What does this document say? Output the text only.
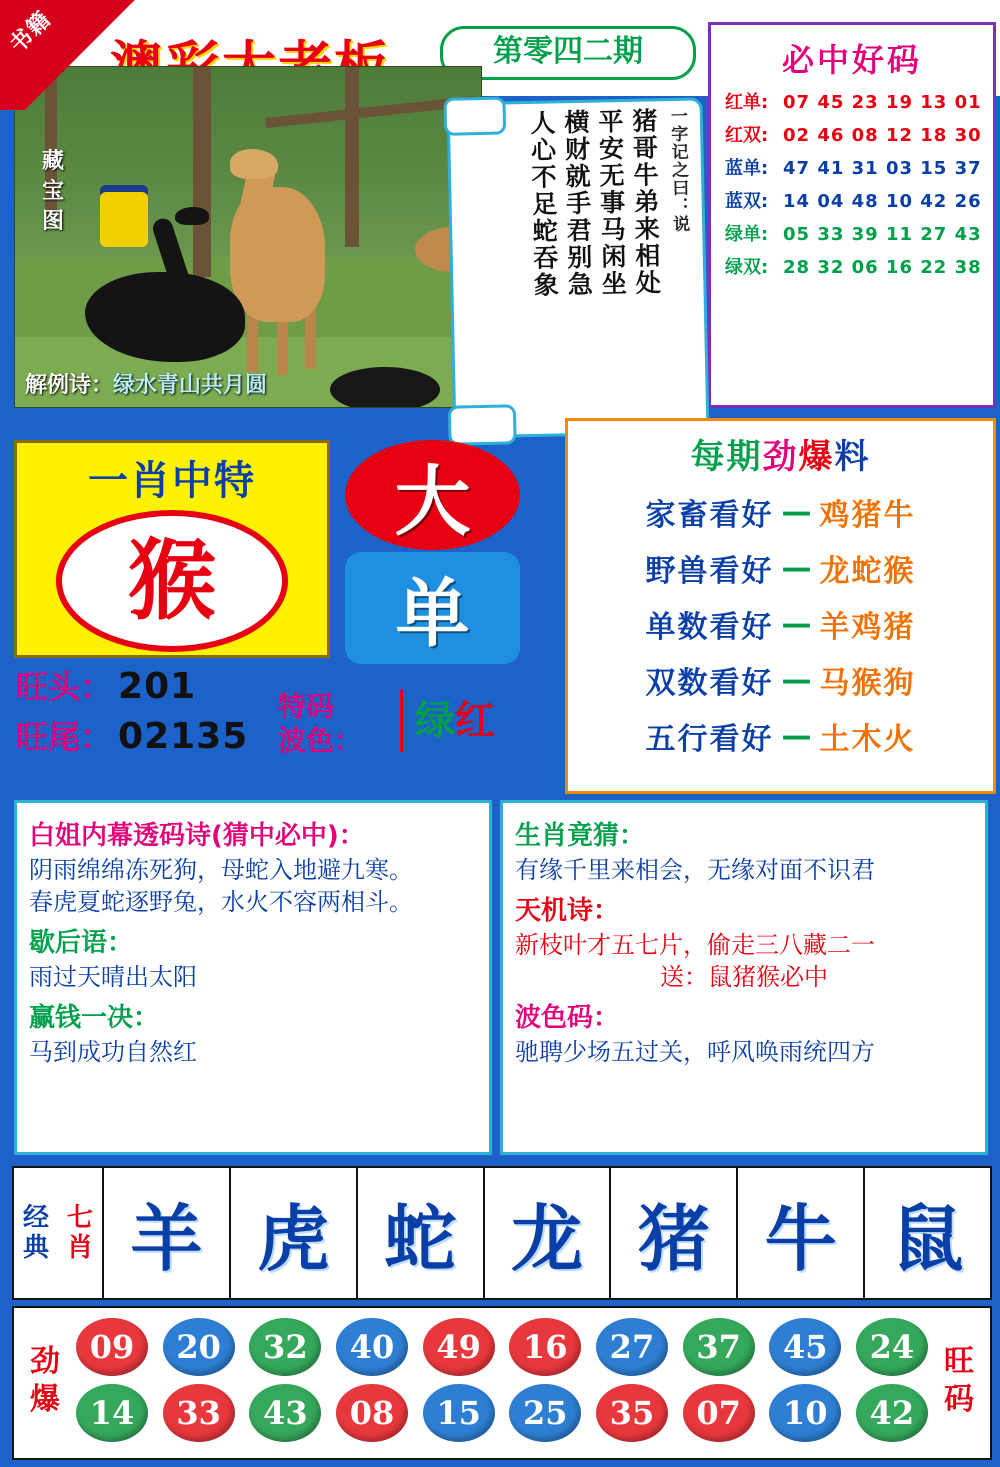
第零四二期
书籍
必中好码
红单: 07 45 23 19 13 01
红双: 02 46 08 12 18 30
蓝单: 47 41 31 03 15 37
蓝双: 14 04 48 10 42 26
绿单: 05 33 39 11 27 43
绿双: 28 32 06 16 22 38
藏宝图
解例诗：绿水青山共月圆
一字记之曰：说
猪哥牛弟来相处
平安无事马闲坐
横财就手君别急
人心不足蛇吞象
一肖中特
猴
大
单
每期劲爆料
家畜看好 — 鸡猪牛
野兽看好 — 龙蛇猴
单数看好 — 羊鸡猪
双数看好 — 马猴狗
五行看好 — 土木火
旺头： 201
旺尾： 02135
特码
波色：	绿红
白姐内幕透码诗(猜中必中)：
阴雨绵绵冻死狗，母蛇入地避九寒。
春虎夏蛇逐野兔，水火不容两相斗。
歇后语：
雨过天晴出太阳
赢钱一决：
马到成功自然红
生肖竟猜：
有缘千里来相会，无缘对面不识君
天机诗：
新枝叶才五七片，偷走三八藏二一
送：鼠猪猴必中
波色码：
驰聘少场五过关，呼风唤雨统四方
经典
七肖 羊 虎 蛇 龙 猪 牛 鼠
劲
爆
旺
码
09	20	32	40	49	16	27	37	45	24
14	33	43	08	15	25	35	07	10	42
